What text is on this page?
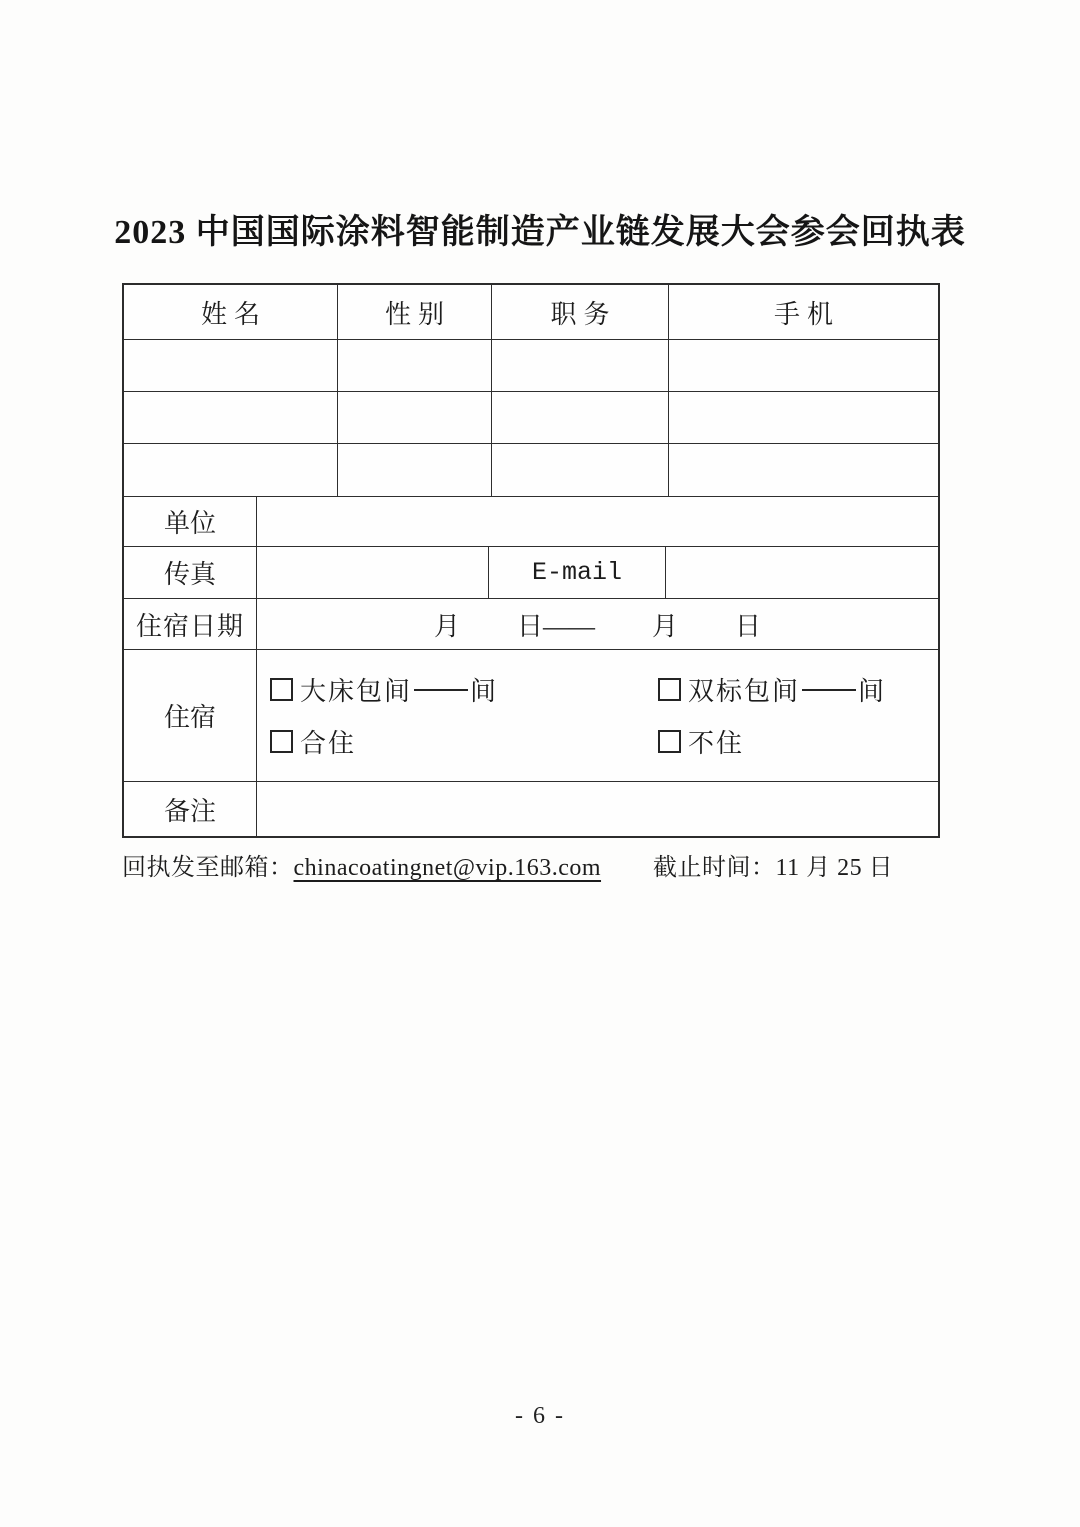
2023 中国国际涂料智能制造产业链发展大会参会回执表
姓名	性别	职务	手机
单位
传真	E-mail
住宿日期	月 日—— 月 日
住宿
大床包间 间	双标包间 间
合住	不住
备注
回执发至邮箱： chinacoatingnet@vip.163.com 截止时间：11 月 25 日
- 6 -
